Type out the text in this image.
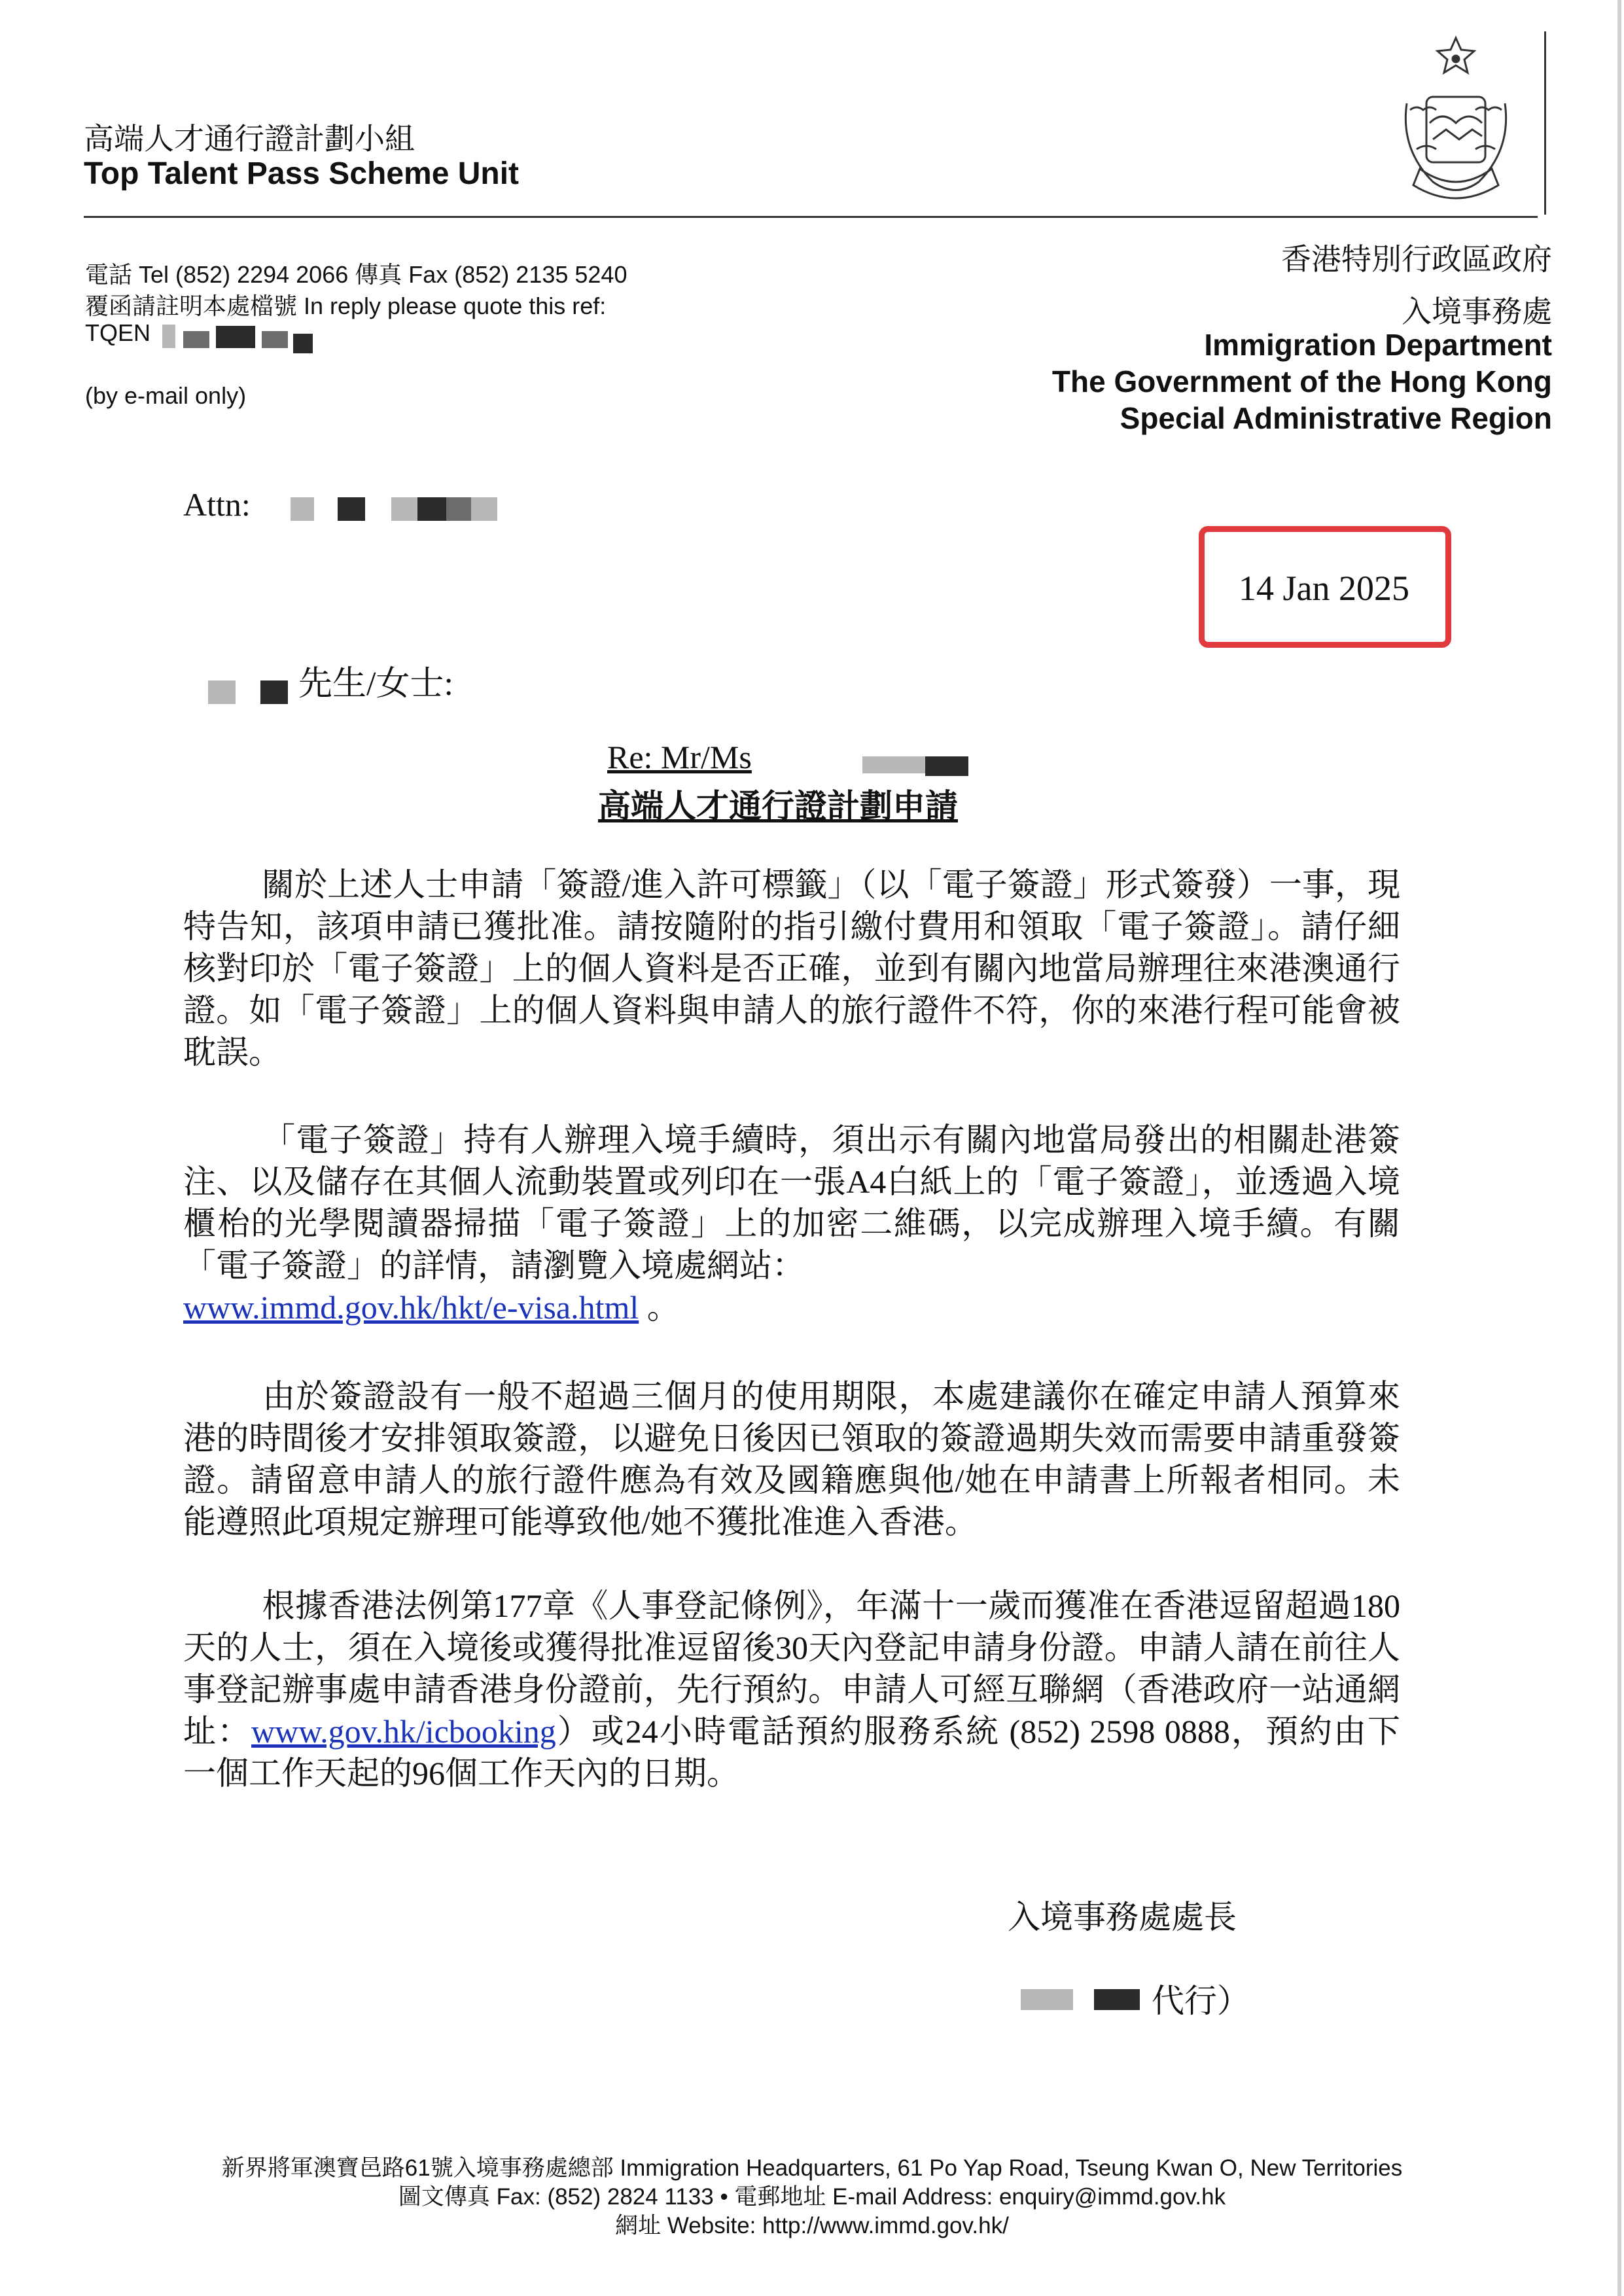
高端人才通行證計劃小組
Top Talent Pass Scheme Unit
電話 Tel (852) 2294 2066 傳真 Fax (852) 2135 5240
覆函請註明本處檔號 In reply please quote this ref:
TQEN
(by e-mail only)
香港特別行政區政府
入境事務處
Immigration Department
The Government of the Hong Kong
Special Administrative Region
Attn:
14 Jan 2025
先生/女士:
Re: Mr/Ms
高端人才通行證計劃申請
關於上述人士申請「簽證/進入許可標籤」（以「電子簽證」形式簽發）一事，現特告知，該項申請已獲批准。請按隨附的指引繳付費用和領取「電子簽證」。請仔細核對印於「電子簽證」上的個人資料是否正確，並到有關內地當局辦理往來港澳通行證。如「電子簽證」上的個人資料與申請人的旅行證件不符，你的來港行程可能會被耽誤。
「電子簽證」持有人辦理入境手續時，須出示有關內地當局發出的相關赴港簽注、以及儲存在其個人流動裝置或列印在一張A4白紙上的「電子簽證」，並透過入境櫃枱的光學閱讀器掃描「電子簽證」上的加密二維碼，以完成辦理入境手續。有關「電子簽證」的詳情，請瀏覽入境處網站：
www.immd.gov.hk/hkt/e-visa.html 。
由於簽證設有一般不超過三個月的使用期限，本處建議你在確定申請人預算來港的時間後才安排領取簽證，以避免日後因已領取的簽證過期失效而需要申請重發簽證。請留意申請人的旅行證件應為有效及國籍應與他/她在申請書上所報者相同。未能遵照此項規定辦理可能導致他/她不獲批准進入香港。
根據香港法例第177章《人事登記條例》，年滿十一歲而獲准在香港逗留超過180天的人士，須在入境後或獲得批准逗留後30天內登記申請身份證。申請人請在前往人事登記辦事處申請香港身份證前，先行預約。申請人可經互聯網（香港政府一站通網址：www.gov.hk/icbooking）或24小時電話預約服務系統 (852) 2598 0888，預約由下一個工作天起的96個工作天內的日期。
入境事務處處長
代行）
新界將軍澳寶邑路61號入境事務處總部 Immigration Headquarters, 61 Po Yap Road, Tseung Kwan O, New Territories
圖文傳真 Fax: (852) 2824 1133 • 電郵地址 E-mail Address: enquiry@immd.gov.hk
網址 Website: http://www.immd.gov.hk/
